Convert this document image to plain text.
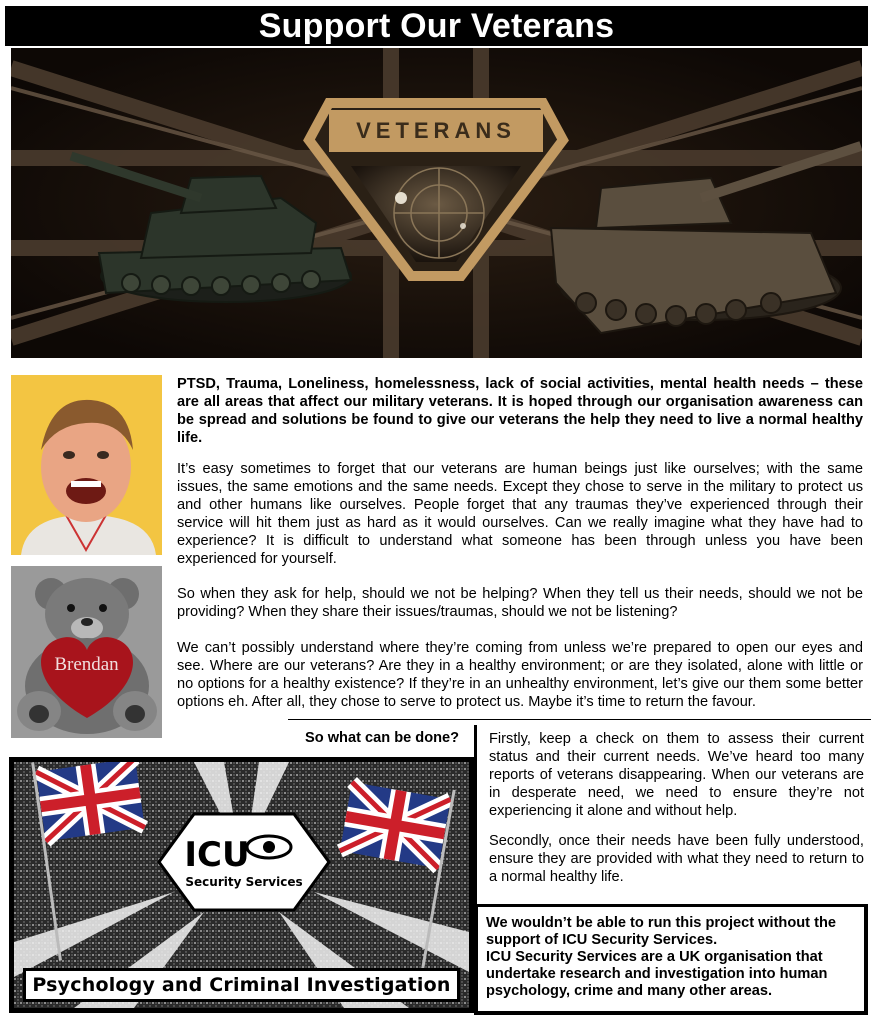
Support Our Veterans
VETERANS
Brendan

PTSD, Trauma, Loneliness, homelessness, lack of social activities, mental health needs – these are all areas that affect our military veterans. It is hoped through our organisation awareness can be spread and solutions be found to give our veterans the help they need to live a normal healthy life.

It’s easy sometimes to forget that our veterans are human beings just like ourselves; with the same issues, the same emotions and the same needs. Except they chose to serve in the military to protect us and other humans like ourselves. People forget that any traumas they’ve experienced through their service will hit them just as hard as it would ourselves. Can we really imagine what they have had to experience? It is difficult to understand what someone has been through unless you have been experienced for yourself.

So when they ask for help, should we not be helping? When they tell us their needs, should we not be providing? When they share their issues/traumas, should we not be listening?

We can’t possibly understand where they’re coming from unless we’re prepared to open our eyes and see. Where are our veterans? Are they in a healthy environment; or are they isolated, alone with little or no options for a healthy existence? If they’re in an unhealthy environment, let’s give our them some better options eh. After all, they chose to serve to protect us. Maybe it’s time to return the favour.

So what can be done? Firstly, keep a check on them to assess their current status and their current needs. We’ve heard too many reports of veterans disappearing. When our veterans are in desperate need, we need to ensure they’re not experiencing it alone and without help.

Secondly, once their needs have been fully understood, ensure they are provided with what they need to return to a normal healthy life.

ICU
Security Services
Psychology and Criminal Investigation

We wouldn’t be able to run this project without the support of ICU Security Services.

ICU Security Services are a UK organisation that undertake research and investigation into human psychology, crime and many other areas.
